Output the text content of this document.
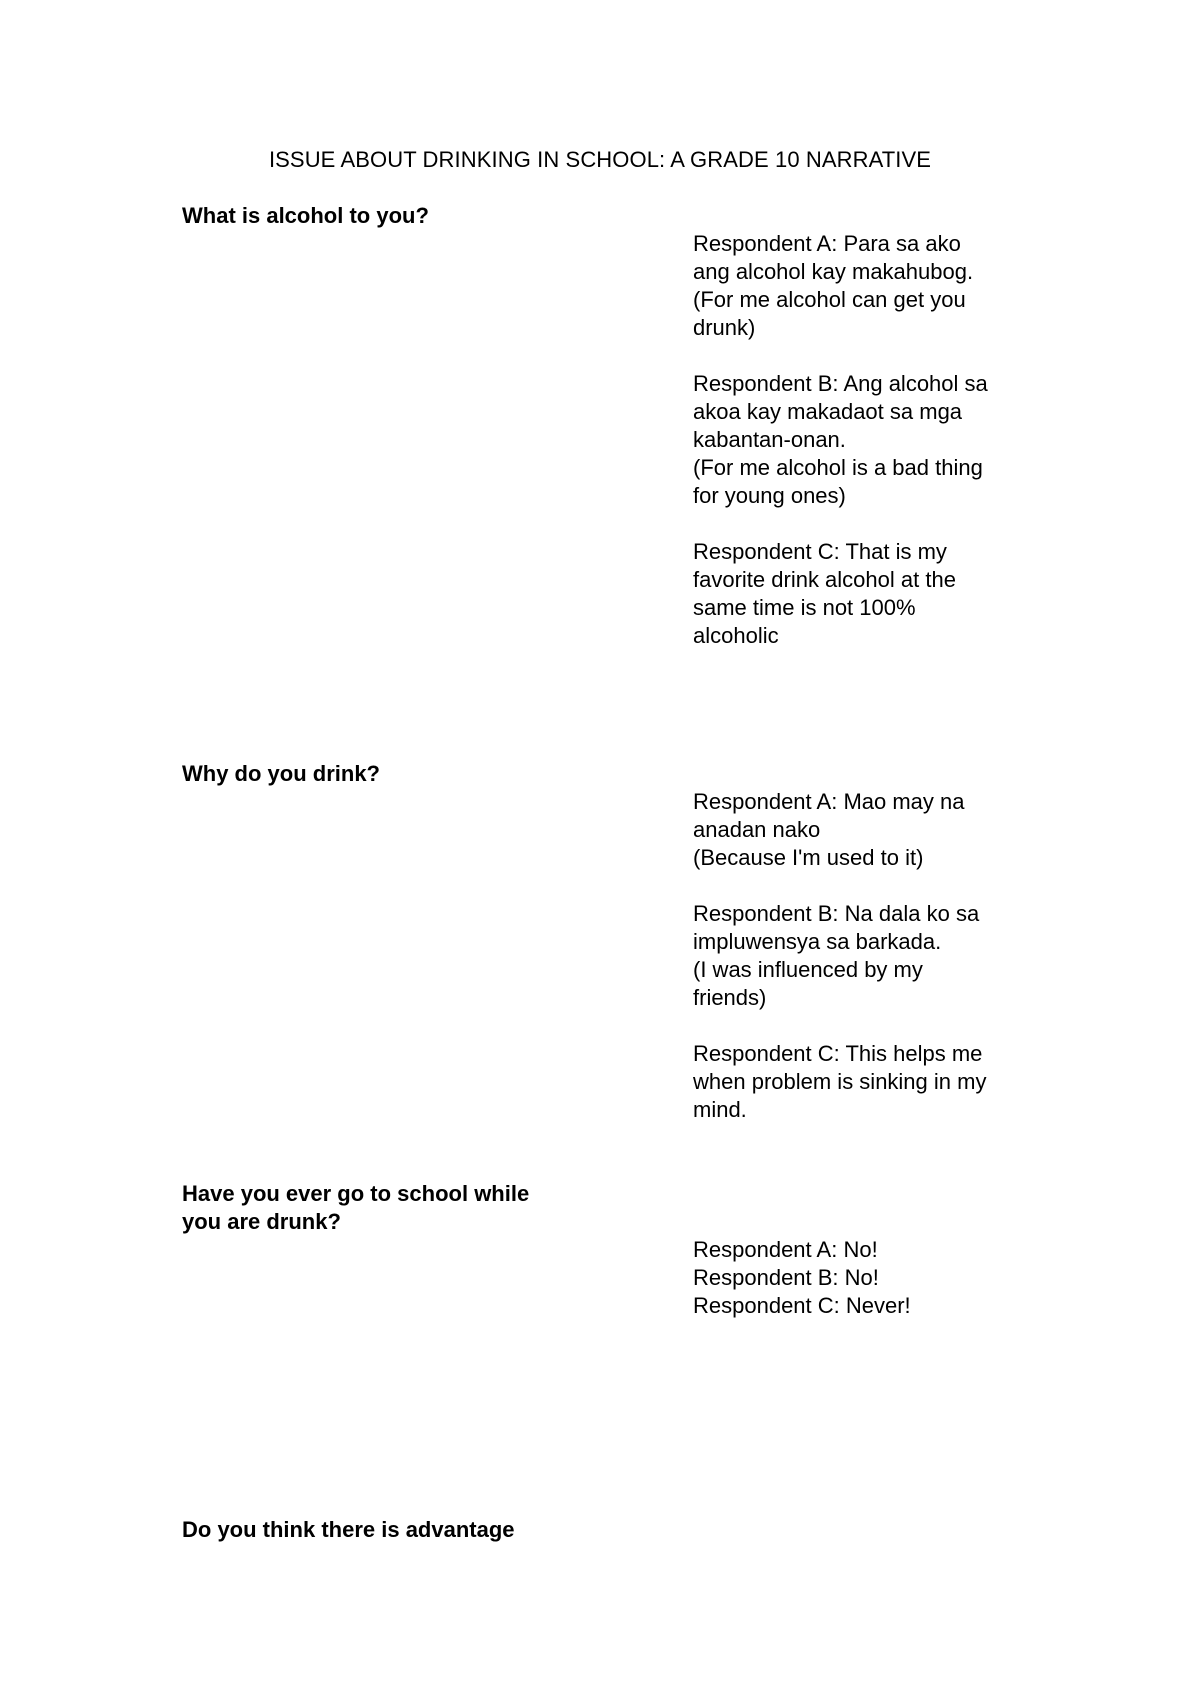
ISSUE ABOUT DRINKING IN SCHOOL: A GRADE 10 NARRATIVE
What is alcohol to you?
Respondent A: Para sa ako
ang alcohol kay makahubog.
(For me alcohol can get you
drunk)
Respondent B: Ang alcohol sa
akoa kay makadaot sa mga
kabantan-onan.
(For me alcohol is a bad thing
for young ones)
Respondent C: That is my
favorite drink alcohol at the
same time is not 100%
alcoholic
Why do you drink?
Respondent A: Mao may na
anadan nako
(Because I'm used to it)
Respondent B: Na dala ko sa
impluwensya sa barkada.
(I was influenced by my
friends)
Respondent C: This helps me
when problem is sinking in my
mind.
Have you ever go to school while
you are drunk?
Respondent A: No!
Respondent B: No!
Respondent C: Never!
Do you think there is advantage
